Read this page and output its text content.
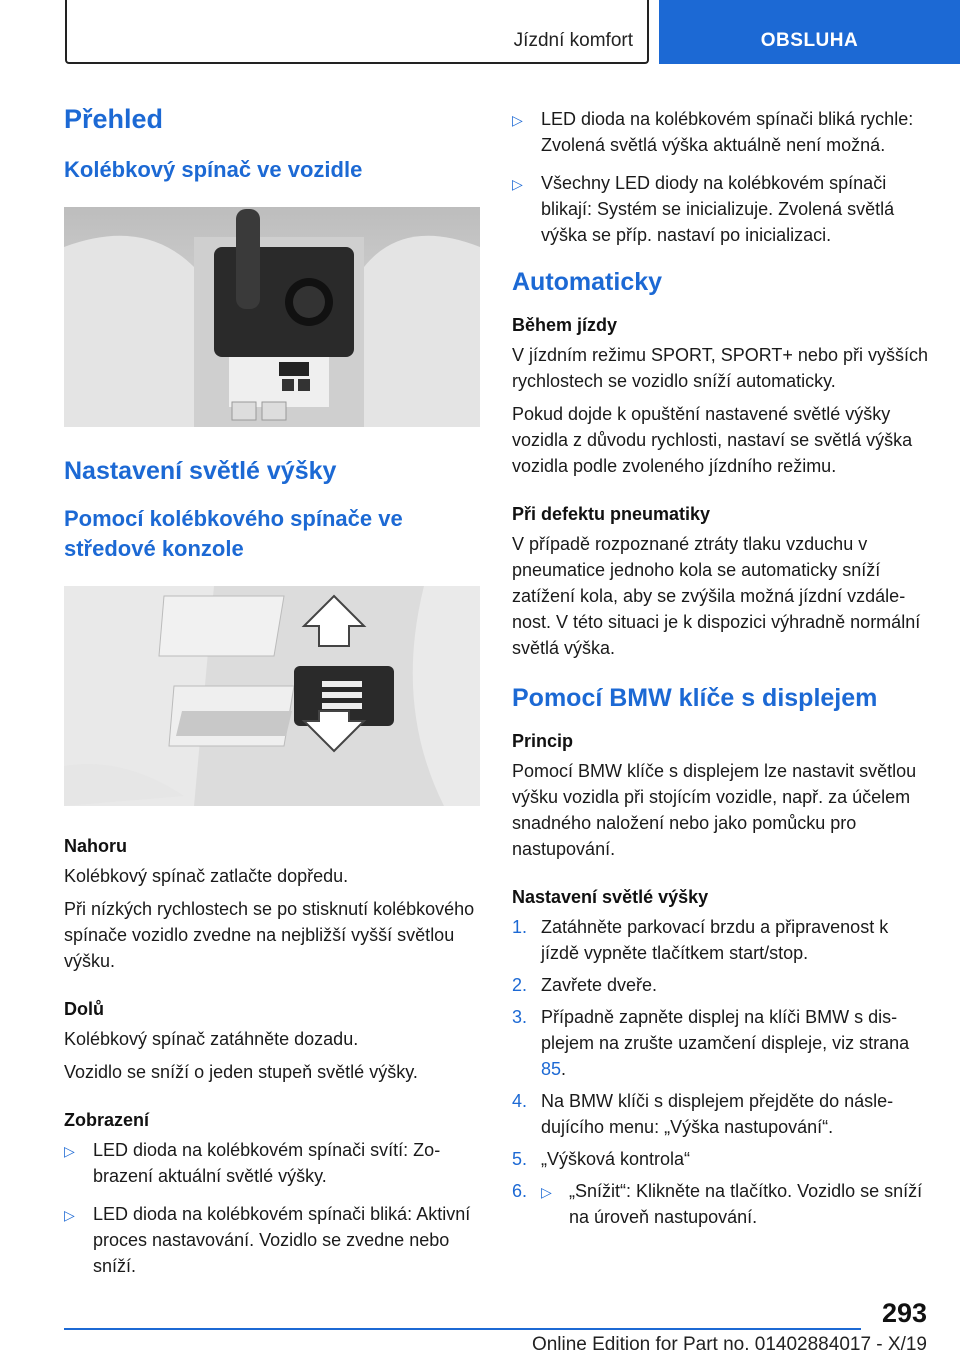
Jízdní komfort	OBSLUHA
Přehled
Kolébkový spínač ve vozidle
Nastavení světlé výšky
Pomocí kolébkového spínače ve středové konzole
Nahoru

Kolébkový spínač zatlačte dopředu.

Při nízkých rychlostech se po stisknutí kolébkového spínače vozidlo zvedne na nejbližší vyšší světlou výšku.

Dolů

Kolébkový spínač zatáhněte dozadu.

Vozidlo se sníží o jeden stupeň světlé výšky.

Zobrazení
▷ LED dioda na kolébkovém spínači svítí: Zobrazení aktuální světlé výšky.
▷ LED dioda na kolébkovém spínači bliká: Aktivní proces nastavování. Vozidlo se zvedne nebo sníží.
▷ LED dioda na kolébkovém spínači bliká rychle: Zvolená světlá výška aktuálně není možná.
▷ Všechny LED diody na kolébkovém spínači blikají: Systém se inicializuje. Zvolená světlá výška se příp. nastaví po inicializaci.
Automaticky
Během jízdy

V jízdním režimu SPORT, SPORT+ nebo při vyšších rychlostech se vozidlo sníží automaticky.

Pokud dojde k opuštění nastavené světlé výšky vozidla z důvodu rychlosti, nastaví se světlá výška vozidla podle zvoleného jízdního režimu.

Při defektu pneumatiky

V případě rozpoznané ztráty tlaku vzduchu v pneumatice jednoho kola se automaticky sníží zatížení kola, aby se zvýšila možná jízdní vzdálenost. V této situaci je k dispozici výhradně normální světlá výška.

Pomocí BMW klíče s displejem
Princip

Pomocí BMW klíče s displejem lze nastavit světlou výšku vozidla při stojícím vozidle, např. za účelem snadného naložení nebo jako pomůcku pro nastupování.

Nastavení světlé výšky
1. Zatáhněte parkovací brzdu a připravenost k jízdě vypněte tlačítkem start/stop.
2. Zavřete dveře.
3. Případně zapněte displej na klíči BMW s displejem na zrušte uzamčení displeje, viz strana 85.
4. Na BMW klíči s displejem přejděte do následujícího menu: „Výška nastupování“.
5. „Výšková kontrola“
6. ▷ „Snížit“: Klikněte na tlačítko. Vozidlo se sníží na úroveň nastupování.
293
Online Edition for Part no. 01402884017 - X/19
